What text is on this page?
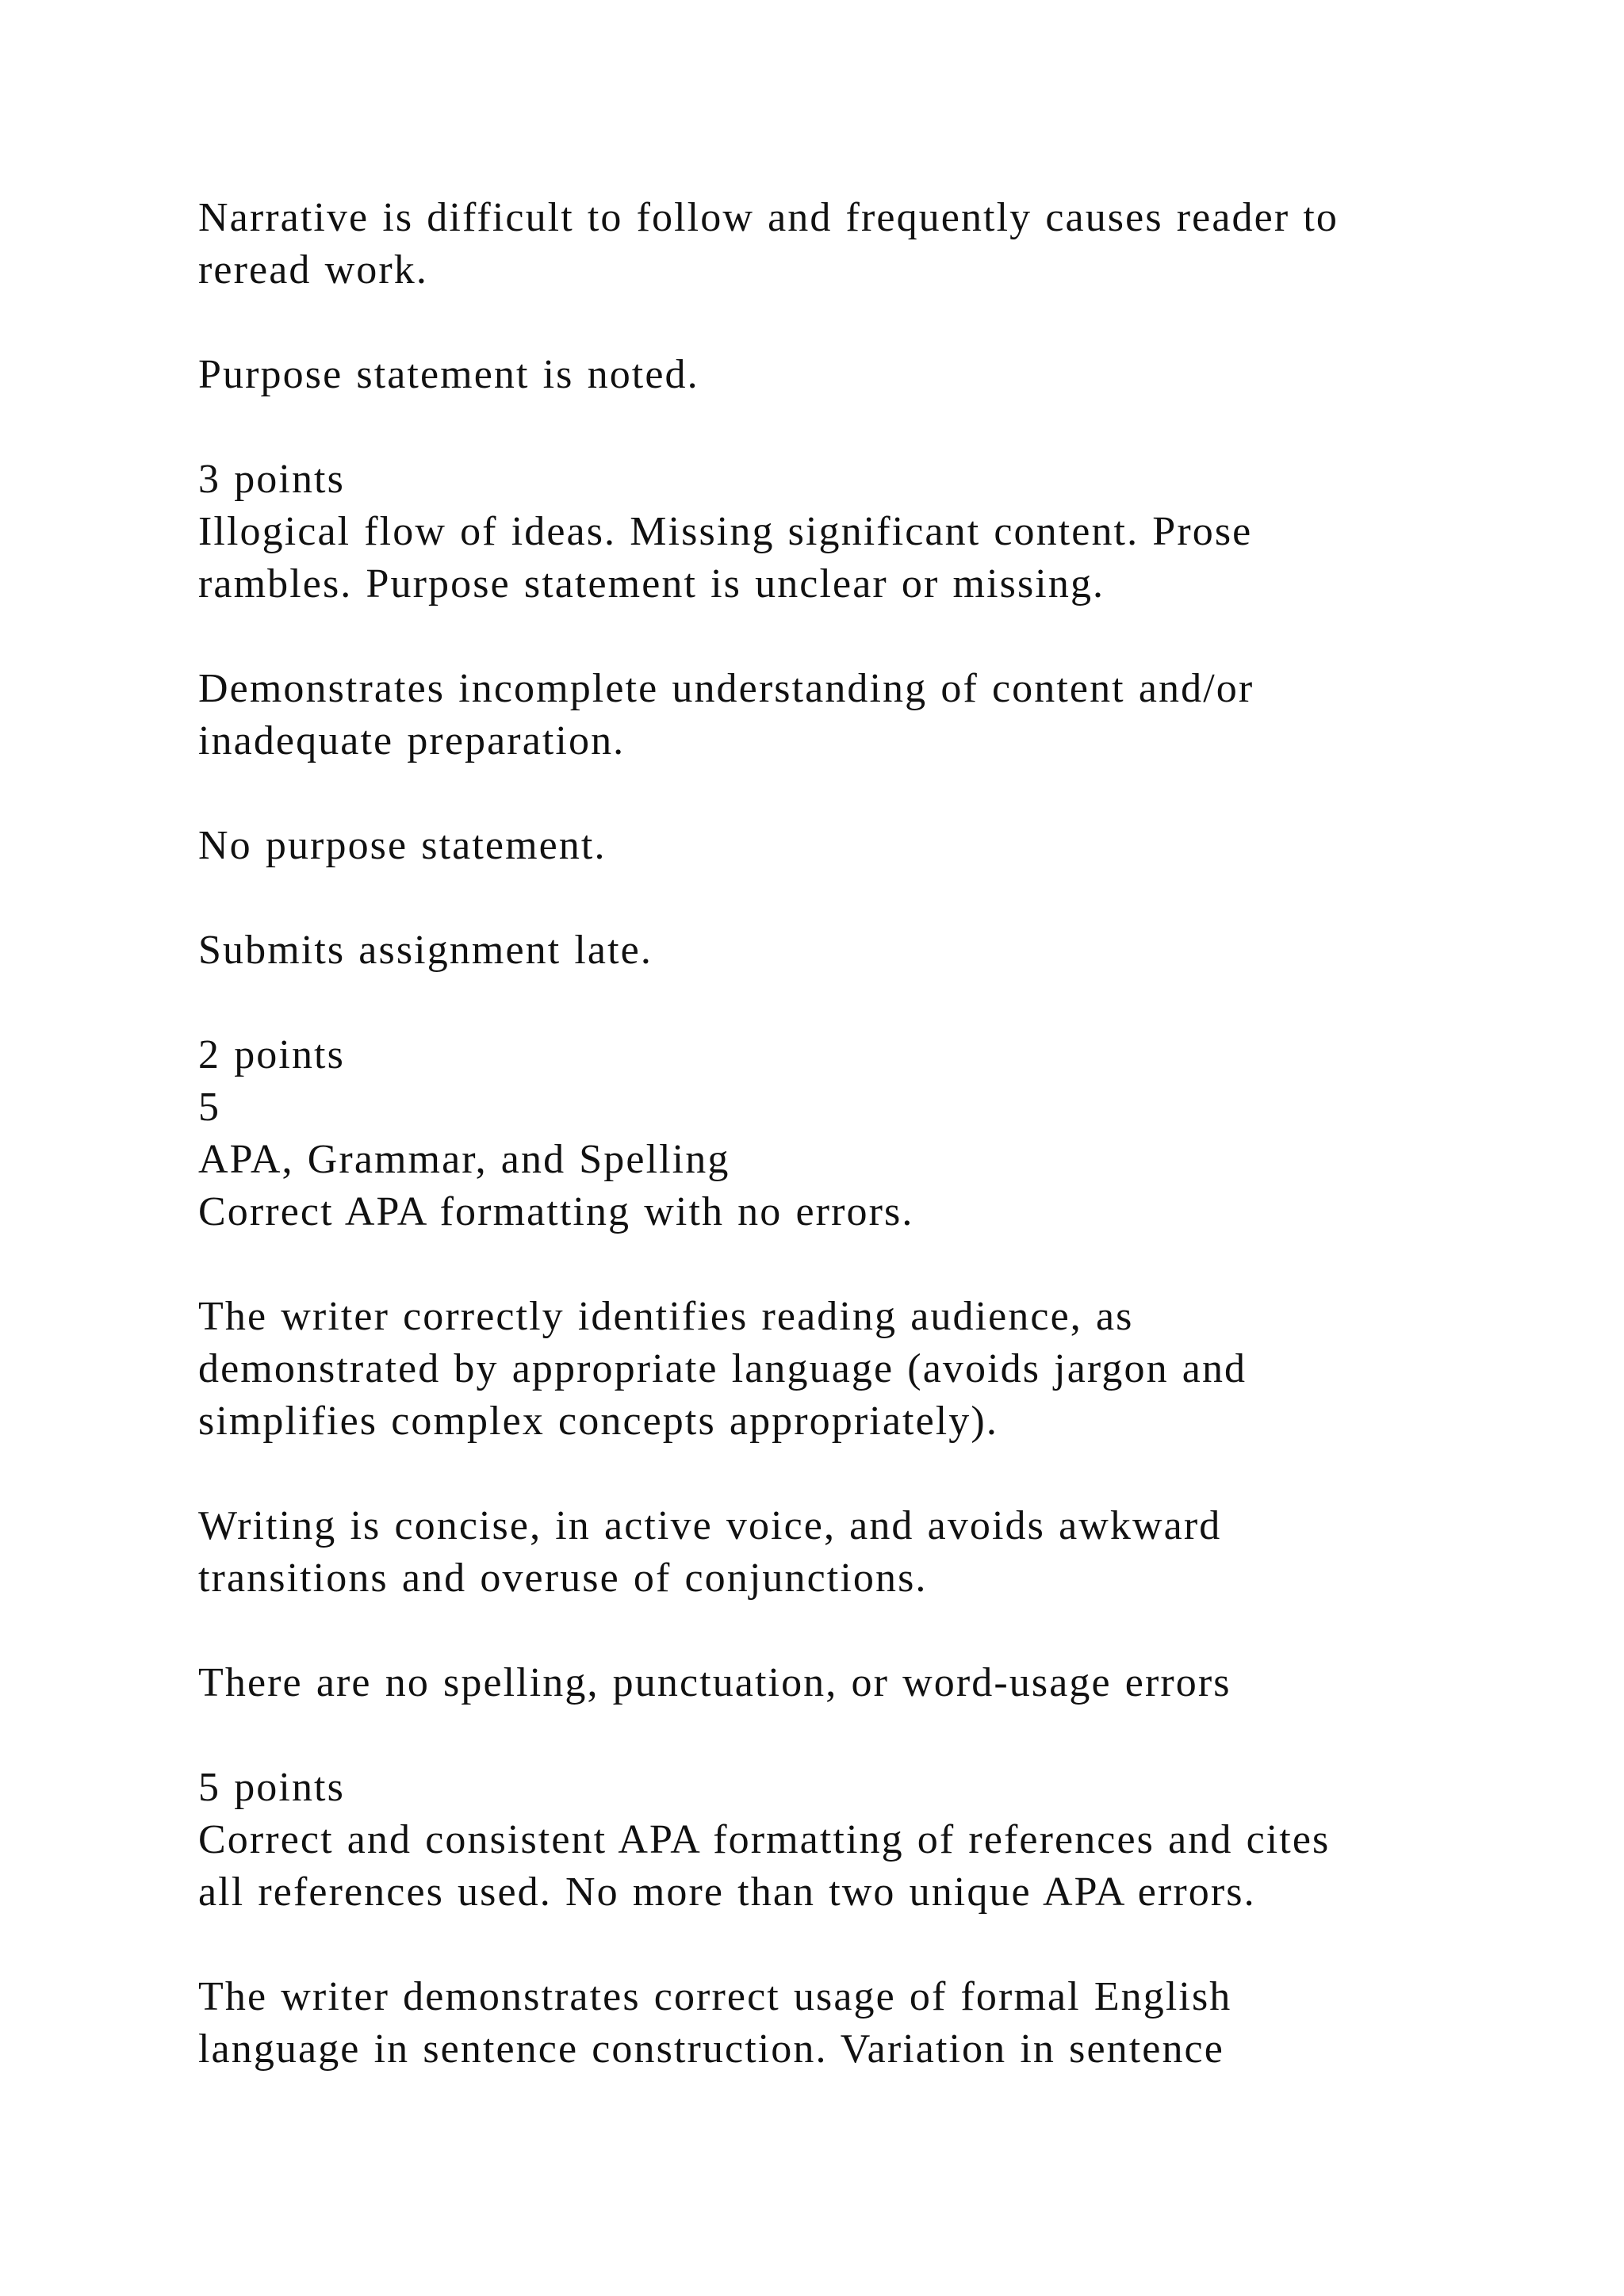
Narrative is difficult to follow and frequently causes reader to
reread work.
Purpose statement is noted.
3 points
Illogical flow of ideas. Missing significant content. Prose
rambles. Purpose statement is unclear or missing.
Demonstrates incomplete understanding of content and/or
inadequate preparation.
No purpose statement.
Submits assignment late.
2 points
5
APA, Grammar, and Spelling
Correct APA formatting with no errors.
The writer correctly identifies reading audience, as
demonstrated by appropriate language (avoids jargon and
simplifies complex concepts appropriately).
Writing is concise, in active voice, and avoids awkward
transitions and overuse of conjunctions.
There are no spelling, punctuation, or word-usage errors
5 points
Correct and consistent APA formatting of references and cites
all references used. No more than two unique APA errors.
The writer demonstrates correct usage of formal English
language in sentence construction. Variation in sentence
